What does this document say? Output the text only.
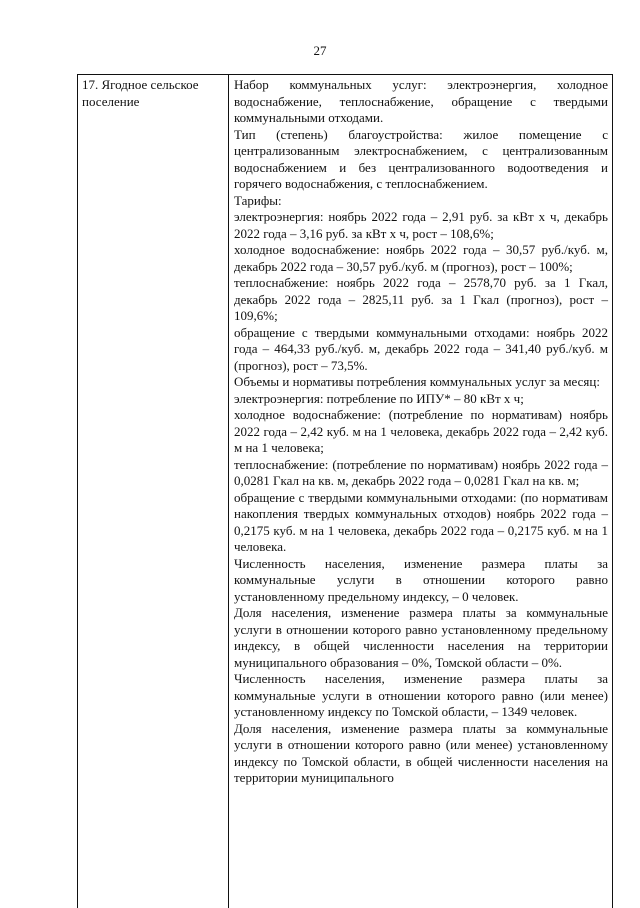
27

17. Ягодное сельское поселение

Набор коммунальных услуг: электроэнергия, холодное водоснабжение, теплоснабжение, обращение с твердыми коммунальными отходами.

Тип (степень) благоустройства: жилое помещение с централизованным электроснабжением, с централизованным водоснабжением и без централизованного водоотведения и горячего водоснабжения, с теплоснабжением.

Тарифы:

электроэнергия: ноябрь 2022 года – 2,91 руб. за кВт х ч, декабрь 2022 года – 3,16 руб. за кВт х ч, рост – 108,6%;

холодное водоснабжение: ноябрь 2022 года – 30,57 руб./куб. м, декабрь 2022 года – 30,57 руб./куб. м (прогноз), рост – 100%;

теплоснабжение: ноябрь 2022 года – 2578,70 руб. за 1 Гкал, декабрь 2022 года – 2825,11 руб. за 1 Гкал (прогноз), рост – 109,6%;

обращение с твердыми коммунальными отходами: ноябрь 2022 года – 464,33 руб./куб. м, декабрь 2022 года – 341,40 руб./куб. м (прогноз), рост – 73,5%.

Объемы и нормативы потребления коммунальных услуг за месяц:

электроэнергия: потребление по ИПУ* – 80 кВт х ч;

холодное водоснабжение: (потребление по нормативам) ноябрь 2022 года – 2,42 куб. м на 1 человека, декабрь 2022 года – 2,42 куб. м на 1 человека;

теплоснабжение: (потребление по нормативам) ноябрь 2022 года – 0,0281 Гкал на кв. м, декабрь 2022 года – 0,0281 Гкал на кв. м;

обращение с твердыми коммунальными отходами: (по нормативам накопления твердых коммунальных отходов) ноябрь 2022 года – 0,2175 куб. м на 1 человека, декабрь 2022 года – 0,2175 куб. м на 1 человека.

Численность населения, изменение размера платы за коммунальные услуги в отношении которого равно установленному предельному индексу, – 0 человек.

Доля населения, изменение размера платы за коммунальные услуги в отношении которого равно установленному предельному индексу, в общей численности населения на территории муниципального образования – 0%, Томской области – 0%.

Численность населения, изменение размера платы за коммунальные услуги в отношении которого равно (или менее) установленному индексу по Томской области, – 1349 человек.

Доля населения, изменение размера платы за коммунальные услуги в отношении которого равно (или менее) установленному индексу по Томской области, в общей численности населения на территории муниципального
